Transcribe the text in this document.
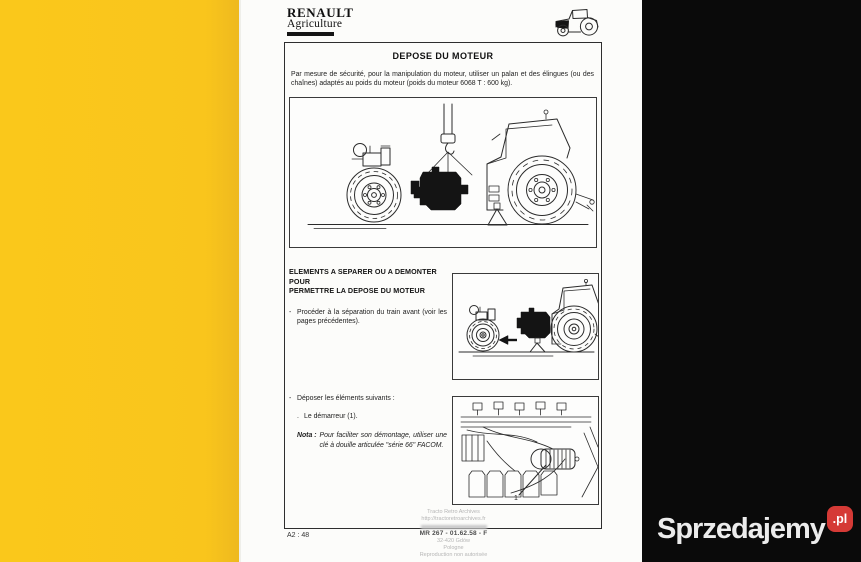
RENAULT
Agriculture
DEPOSE DU MOTEUR

Par mesure de sécurité, pour la manipulation du moteur, utiliser un palan et des élingues (ou des chaînes) adaptés au poids du moteur (poids du moteur 6068 T : 600 kg).

ELEMENTS A SEPARER OU A DEMONTER POUR
PERMETTRE LA DEPOSE DU MOTEUR
- Procéder à la séparation du train avant (voir les pages précédentes).
- Déposer les éléments suivants :
. Le démarreur (1).
Nota : Pour faciliter son démontage, utiliser une clé à douille articulée "série 66" FACOM.
1
A2 : 48
Tracto Retro Archives
http://tractoretroarchives.fr
MR 267 - 01.62.58 - F
32-420 Gdów
Pologne
Reproduction non autorisée
Sprzedajemy .pl
